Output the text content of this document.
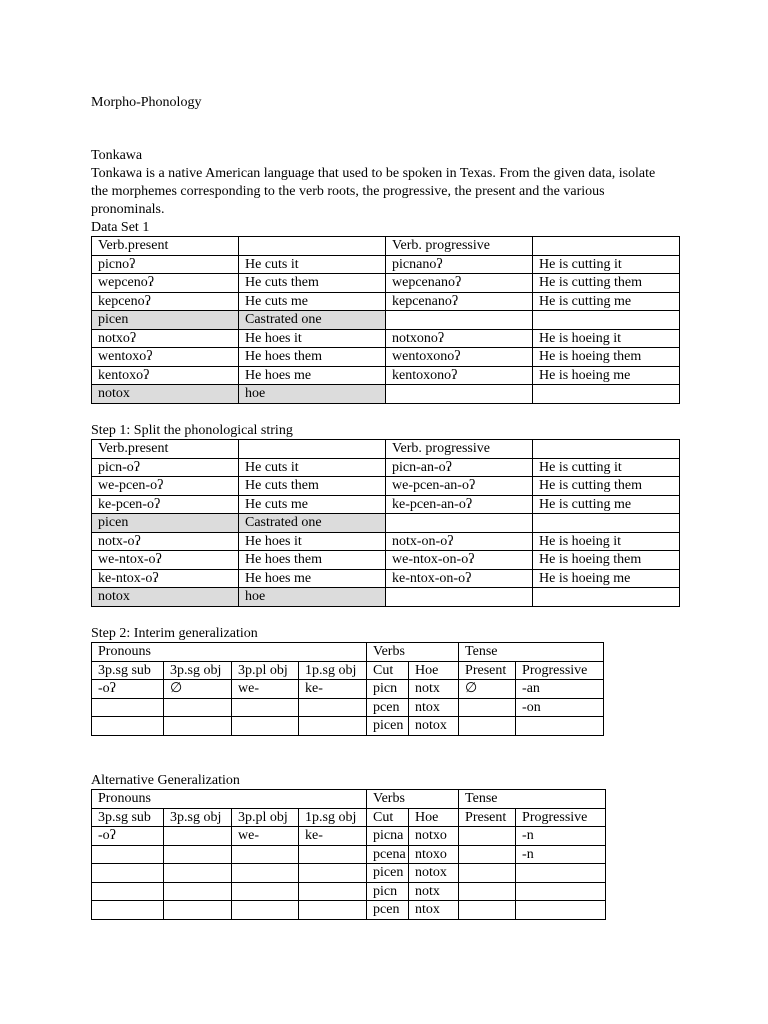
Morpho-Phonology
Tonkawa
Tonkawa is a native American language that used to be spoken in Texas. From the given data, isolate the morphemes corresponding to the verb roots, the progressive, the present and the various pronominals.
Data Set 1
Verb.present		Verb. progressive	
picnoʔ	He cuts it	picnanoʔ	He is cutting it
wepcenoʔ	He cuts them	wepcenanoʔ	He is cutting them
kepcenoʔ	He cuts me	kepcenanoʔ	He is cutting me
picen	Castrated one		
notxoʔ	He hoes it	notxonoʔ	He is hoeing it
wentoxoʔ	He hoes them	wentoxonoʔ	He is hoeing them
kentoxoʔ	He hoes me	kentoxonoʔ	He is hoeing me
notox	hoe		
Step 1: Split the phonological string
Verb.present		Verb. progressive	
picn-oʔ	He cuts it	picn-an-oʔ	He is cutting it
we-pcen-oʔ	He cuts them	we-pcen-an-oʔ	He is cutting them
ke-pcen-oʔ	He cuts me	ke-pcen-an-oʔ	He is cutting me
picen	Castrated one		
notx-oʔ	He hoes it	notx-on-oʔ	He is hoeing it
we-ntox-oʔ	He hoes them	we-ntox-on-oʔ	He is hoeing them
ke-ntox-oʔ	He hoes me	ke-ntox-on-oʔ	He is hoeing me
notox	hoe		
Step 2: Interim generalization
Pronouns				Verbs		Tense	
3p.sg sub	3p.sg obj	3p.pl obj	1p.sg obj	Cut	Hoe	Present	Progressive
-oʔ	∅	we-	ke-	picn	notx	∅	-an
				pcen	ntox		-on
				picen	notox		
Alternative Generalization
Pronouns				Verbs		Tense	
3p.sg sub	3p.sg obj	3p.pl obj	1p.sg obj	Cut	Hoe	Present	Progressive
-oʔ		we-	ke-	picna	notxo		-n
				pcena	ntoxo		-n
				picen	notox		
				picn	notx		
				pcen	ntox		
